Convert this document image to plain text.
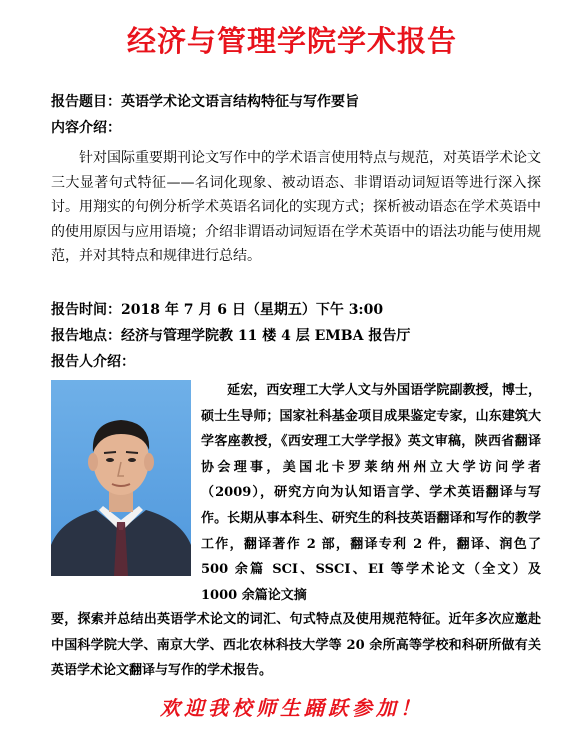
经济与管理学院学术报告
报告题目：英语学术论文语言结构特征与写作要旨
内容介绍：

针对国际重要期刊论文写作中的学术语言使用特点与规范，对英语学术论文三大显著句式特征——名词化现象、被动语态、非谓语动词短语等进行深入探讨。用翔实的句例分析学术英语名词化的实现方式；探析被动语态在学术英语中的使用原因与应用语境；介绍非谓语动词短语在学术英语中的语法功能与使用规范，并对其特点和规律进行总结。

报告时间：2018 年 7 月 6 日（星期五）下午 3:00
报告地点：经济与管理学院教 11 楼 4 层 EMBA 报告厅
报告人介绍：

延宏，西安理工大学人文与外国语学院副教授，博士，硕士生导师；国家社科基金项目成果鉴定专家，山东建筑大学客座教授，《西安理工大学学报》英文审稿，陕西省翻译协会理事，美国北卡罗莱纳州州立大学访问学者（2009），研究方向为认知语言学、学术英语翻译与写作。长期从事本科生、研究生的科技英语翻译和写作的教学工作，翻译著作 2 部，翻译专利 2 件，翻译、润色了 500 余篇 SCI、SSCI、EI 等学术论文（全文）及 1000 余篇论文摘

要，探索并总结出英语学术论文的词汇、句式特点及使用规范特征。近年多次应邀赴中国科学院大学、南京大学、西北农林科技大学等 20 余所高等学校和科研所做有关英语学术论文翻译与写作的学术报告。

欢迎我校师生踊跃参加！
